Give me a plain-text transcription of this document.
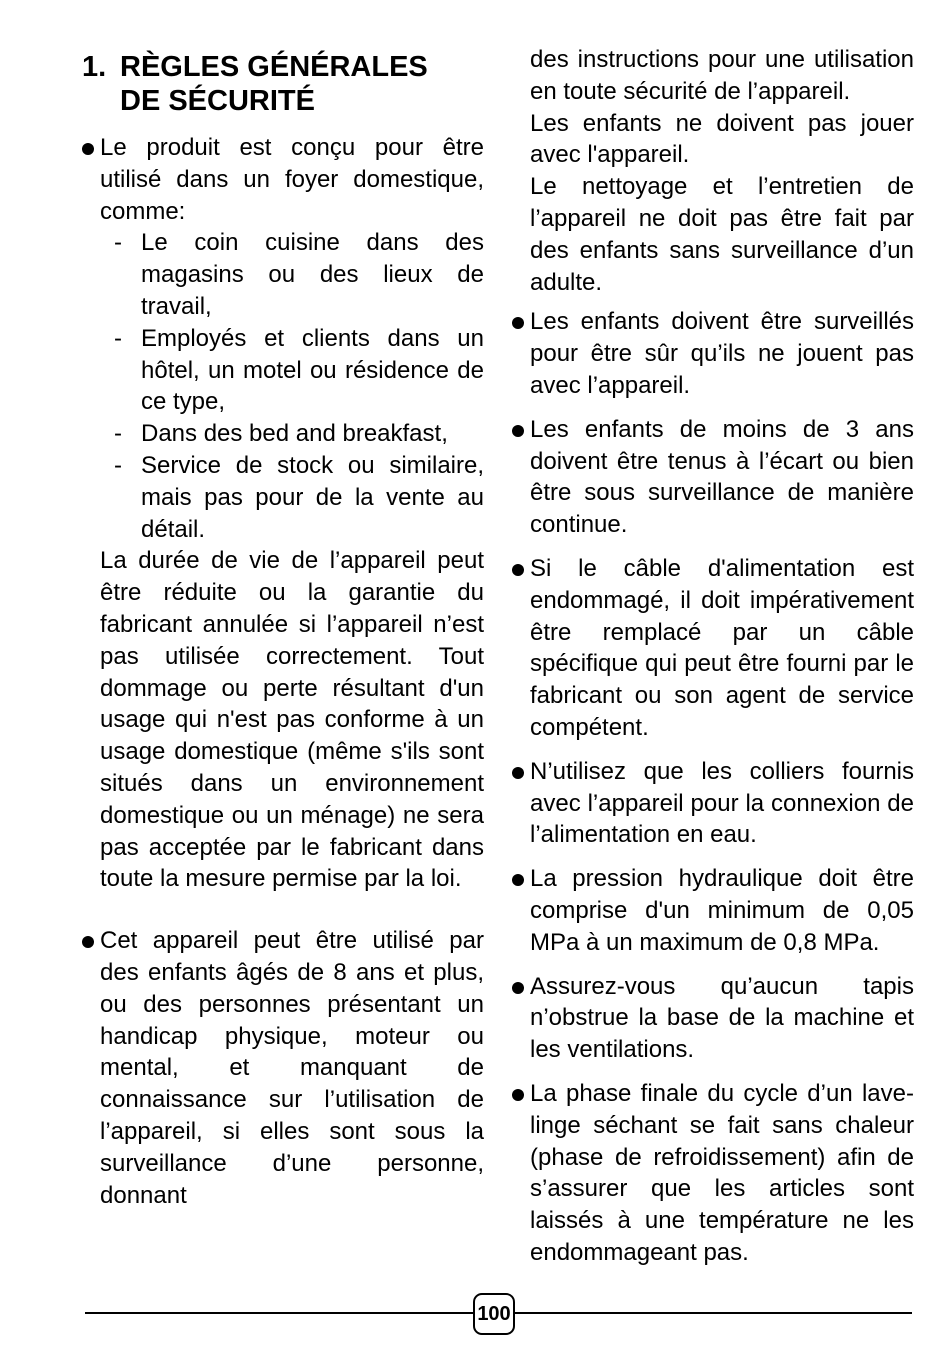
1. RÈGLES GÉNÉRALES
DE SÉCURITÉ
Le produit est conçu pour être utilisé dans un foyer domestique, comme:
- Le coin cuisine dans des magasins ou des lieux de travail,
- Employés et clients dans un hôtel, un motel ou résidence de ce type,
- Dans des bed and breakfast,
- Service de stock ou similaire, mais pas pour de la vente au détail.
La durée de vie de l’appareil peut être réduite ou la garantie du fabricant annulée si l’appareil n’est pas utilisée correctement. Tout dommage ou perte résultant d'un usage qui n'est pas conforme à un usage domestique (même s'ils sont situés dans un environnement domestique ou un ménage) ne sera pas acceptée par le fabricant dans toute la mesure permise par la loi.
Cet appareil peut être utilisé par des enfants âgés de 8 ans et plus, ou des personnes présentant un handicap physique, moteur ou mental, et manquant de connaissance sur l’utilisation de l’appareil, si elles sont sous la surveillance d’une personne, donnant
des instructions pour une utilisation en toute sécurité de l’appareil.
Les enfants ne doivent pas jouer avec l'appareil.
Le nettoyage et l’entretien de l’appareil ne doit pas être fait par des enfants sans surveillance d’un adulte.
Les enfants doivent être surveillés pour être sûr qu’ils ne jouent pas avec l’appareil.
Les enfants de moins de 3 ans doivent être tenus à l’écart ou bien être sous surveillance de manière continue.
Si le câble d'alimentation est endommagé, il doit impérativement être remplacé par un câble spécifique qui peut être fourni par le fabricant ou son agent de service compétent.
N’utilisez que les colliers fournis avec l’appareil pour la connexion de l’alimentation en eau.
La pression hydraulique doit être comprise d'un minimum de 0,05 MPa à un maximum de 0,8 MPa.
Assurez-vous qu’aucun tapis n’obstrue la base de la machine et les ventilations.
La phase finale du cycle d’un lave-linge séchant se fait sans chaleur (phase de refroidissement) afin de s’assurer que les articles sont laissés à une température ne les endommageant pas.
100
